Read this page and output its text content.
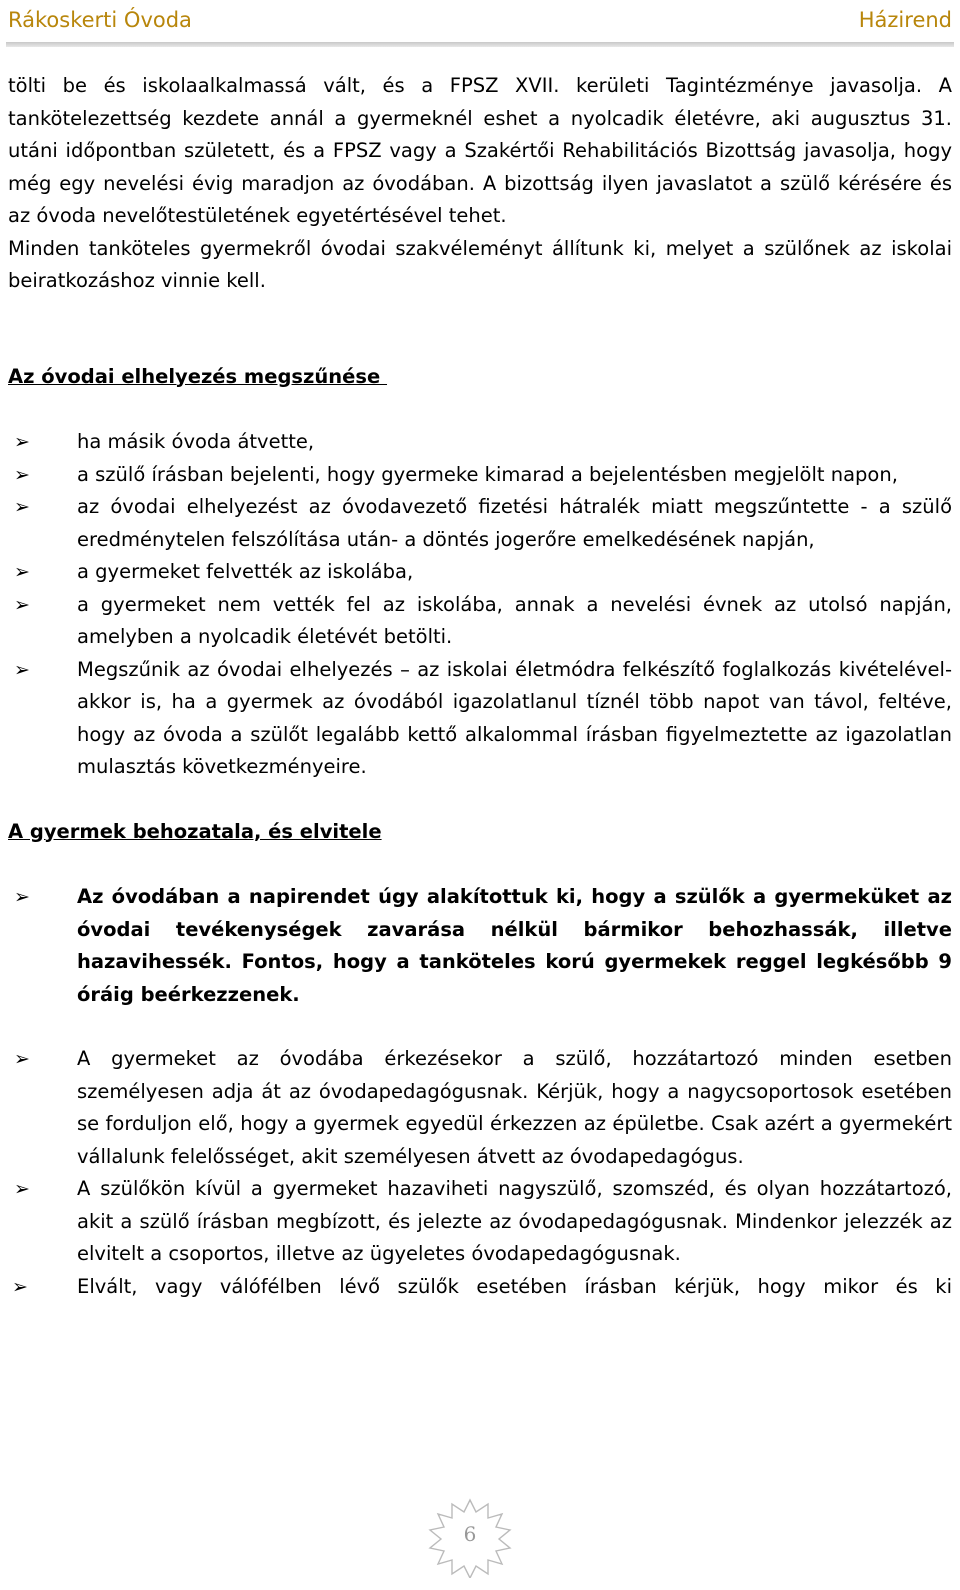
Rákoskerti Óvoda	Házirend

tölti be és iskolaalkalmassá vált, és a FPSZ XVII. kerületi Tagintézménye javasolja. A tankötelezettség kezdete annál a gyermeknél eshet a nyolcadik életévre, aki augusztus 31. utáni időpontban született, és a FPSZ vagy a Szakértői Rehabilitációs Bizottság javasolja, hogy még egy nevelési évig maradjon az óvodában. A bizottság ilyen javaslatot a szülő kérésére és az óvoda nevelőtestületének egyetértésével tehet.

Minden tanköteles gyermekről óvodai szakvéleményt állítunk ki, melyet a szülőnek az iskolai beiratkozáshoz vinnie kell.

Az óvodai elhelyezés megszűnése

➢ ha másik óvoda átvette,
➢ a szülő írásban bejelenti, hogy gyermeke kimarad a bejelentésben megjelölt napon,
➢ az óvodai elhelyezést az óvodavezető fizetési hátralék miatt megszűntette - a szülő eredménytelen felszólítása után- a döntés jogerőre emelkedésének napján,
➢ a gyermeket felvették az iskolába,
➢ a gyermeket nem vették fel az iskolába, annak a nevelési évnek az utolsó napján, amelyben a nyolcadik életévét betölti.
➢ Megszűnik az óvodai elhelyezés – az iskolai életmódra felkészítő foglalkozás kivételével- akkor is, ha a gyermek az óvodából igazolatlanul tíznél több napot van távol, feltéve, hogy az óvoda a szülőt legalább kettő alkalommal írásban figyelmeztette az igazolatlan mulasztás következményeire.

A gyermek behozatala, és elvitele

➢ Az óvodában a napirendet úgy alakítottuk ki, hogy a szülők a gyermeküket az óvodai tevékenységek zavarása nélkül bármikor behozhassák, illetve hazavihessék. Fontos, hogy a tanköteles korú gyermekek reggel legkésőbb 9 óráig beérkezzenek.
➢ A gyermeket az óvodába érkezésekor a szülő, hozzátartozó minden esetben személyesen adja át az óvodapedagógusnak. Kérjük, hogy a nagycsoportosok esetében se forduljon elő, hogy a gyermek egyedül érkezzen az épületbe. Csak azért a gyermekért vállalunk felelősséget, akit személyesen átvett az óvodapedagógus.
➢ A szülőkön kívül a gyermeket hazaviheti nagyszülő, szomszéd, és olyan hozzátartozó, akit a szülő írásban megbízott, és jelezte az óvodapedagógusnak. Mindenkor jelezzék az elvitelt a csoportos, illetve az ügyeletes óvodapedagógusnak.
➢	Elvált, vagy válófélben lévő szülők esetében írásban kérjük, hogy mikor és ki
6
